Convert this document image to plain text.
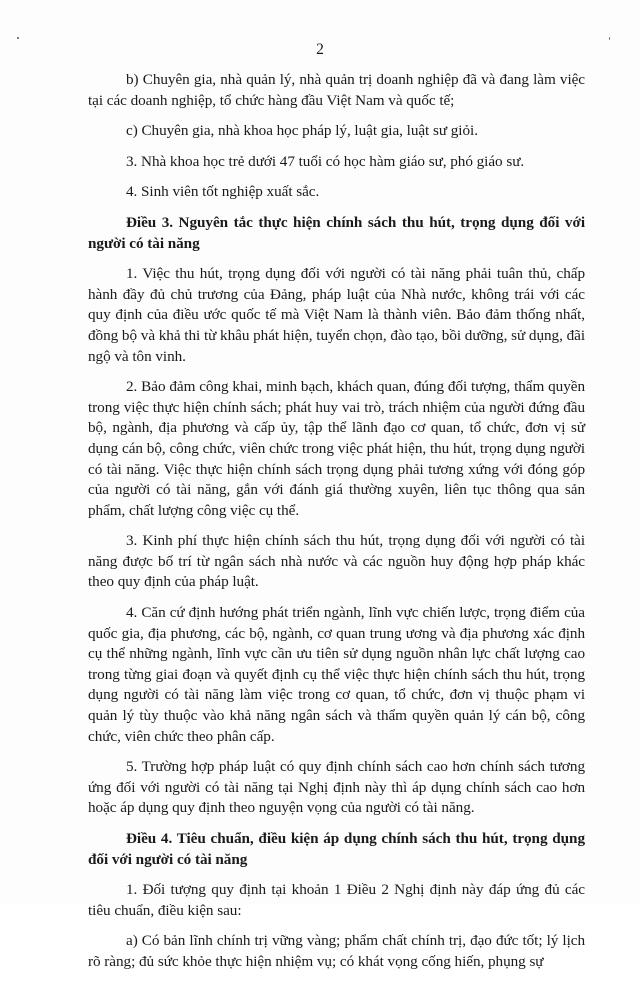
2

b) Chuyên gia, nhà quản lý, nhà quản trị doanh nghiệp đã và đang làm việc tại các doanh nghiệp, tổ chức hàng đầu Việt Nam và quốc tế;

c) Chuyên gia, nhà khoa học pháp lý, luật gia, luật sư giỏi.

3. Nhà khoa học trẻ dưới 47 tuổi có học hàm giáo sư, phó giáo sư.

4. Sinh viên tốt nghiệp xuất sắc.

Điều 3. Nguyên tắc thực hiện chính sách thu hút, trọng dụng đối với người có tài năng

1. Việc thu hút, trọng dụng đối với người có tài năng phải tuân thủ, chấp hành đầy đủ chủ trương của Đảng, pháp luật của Nhà nước, không trái với các quy định của điều ước quốc tế mà Việt Nam là thành viên. Bảo đảm thống nhất, đồng bộ và khả thi từ khâu phát hiện, tuyển chọn, đào tạo, bồi dưỡng, sử dụng, đãi ngộ và tôn vinh.

2. Bảo đảm công khai, minh bạch, khách quan, đúng đối tượng, thẩm quyền trong việc thực hiện chính sách; phát huy vai trò, trách nhiệm của người đứng đầu bộ, ngành, địa phương và cấp ủy, tập thể lãnh đạo cơ quan, tổ chức, đơn vị sử dụng cán bộ, công chức, viên chức trong việc phát hiện, thu hút, trọng dụng người có tài năng. Việc thực hiện chính sách trọng dụng phải tương xứng với đóng góp của người có tài năng, gắn với đánh giá thường xuyên, liên tục thông qua sản phẩm, chất lượng công việc cụ thể.

3. Kinh phí thực hiện chính sách thu hút, trọng dụng đối với người có tài năng được bố trí từ ngân sách nhà nước và các nguồn huy động hợp pháp khác theo quy định của pháp luật.

4. Căn cứ định hướng phát triển ngành, lĩnh vực chiến lược, trọng điểm của quốc gia, địa phương, các bộ, ngành, cơ quan trung ương và địa phương xác định cụ thể những ngành, lĩnh vực cần ưu tiên sử dụng nguồn nhân lực chất lượng cao trong từng giai đoạn và quyết định cụ thể việc thực hiện chính sách thu hút, trọng dụng người có tài năng làm việc trong cơ quan, tổ chức, đơn vị thuộc phạm vi quản lý tùy thuộc vào khả năng ngân sách và thẩm quyền quản lý cán bộ, công chức, viên chức theo phân cấp.

5. Trường hợp pháp luật có quy định chính sách cao hơn chính sách tương ứng đối với người có tài năng tại Nghị định này thì áp dụng chính sách cao hơn hoặc áp dụng quy định theo nguyện vọng của người có tài năng.

Điều 4. Tiêu chuẩn, điều kiện áp dụng chính sách thu hút, trọng dụng đối với người có tài năng

1. Đối tượng quy định tại khoản 1 Điều 2 Nghị định này đáp ứng đủ các tiêu chuẩn, điều kiện sau:

a) Có bản lĩnh chính trị vững vàng; phẩm chất chính trị, đạo đức tốt; lý lịch rõ ràng; đủ sức khỏe thực hiện nhiệm vụ; có khát vọng cống hiến, phụng sự
